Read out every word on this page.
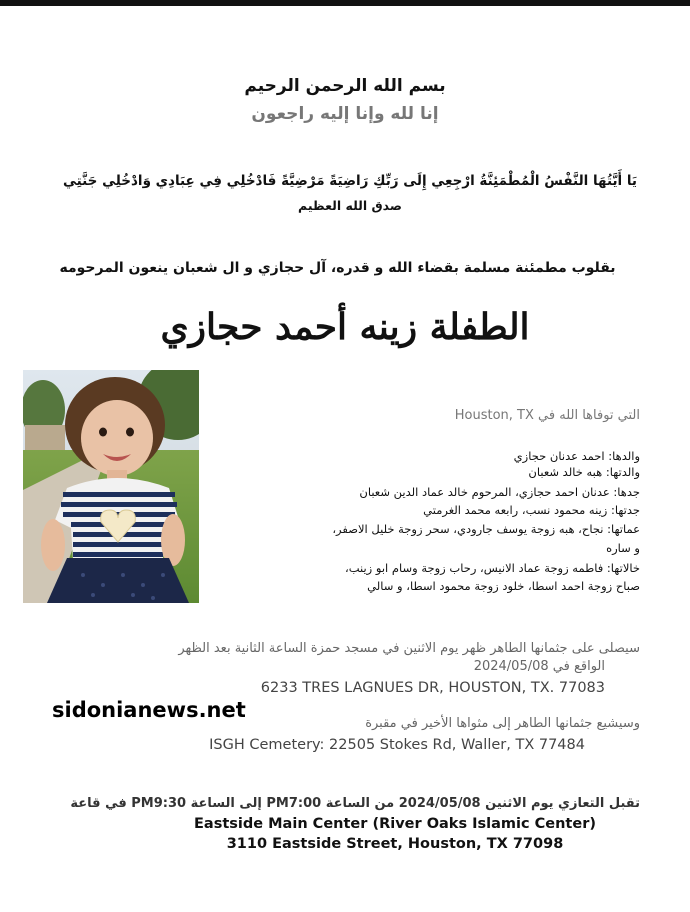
بسم الله الرحمن الرحيم
إنا لله وإنا إليه راجعون
يَا أَيَّتُهَا النَّفْسُ الْمُطْمَئِنَّةُ ارْجِعِي إِلَى رَبِّكِ رَاضِيَةً مَرْضِيَّةً فَادْخُلِي فِي عِبَادِي وَادْخُلِي جَنَّتِي
صدق الله العظيم
بقلوب مطمئنة مسلمة بقضاء الله و قدره، آل حجازي و ال شعبان ينعون المرحومه
الطفلة زينه أحمد حجازي
التي توفاها الله في Houston, TX
والدها: احمد عدنان حجازي
والدتها: هبه خالد شعبان
جدها: عدنان احمد حجازي، المرحوم خالد عماد الدين شعبان
جدتها: زينه محمود نسب، رابعه محمد الغرمتي
عماتها: نجاح، هبه زوجة يوسف جارودي، سحر زوجة خليل الاصفر،
و ساره
خالاتها: فاطمه زوجة عماد الانيس، رحاب زوجة وسام ابو زينب،
صباح زوجة احمد اسطا، خلود زوجة محمود اسطا، و سالي
سيصلى على جثمانها الطاهر ظهر يوم الاثنين في مسجد حمزة الساعة الثانية بعد الظهر
الواقع في 2024/05/08
6233 TRES LAGNUES DR, HOUSTON, TX. 77083
sidonianews.net
وسيشيع جثمانها الطاهر إلى مثواها الأخير في مقبرة
ISGH Cemetery: 22505 Stokes Rd, Waller, TX 77484
تقبل التعازي يوم الاثنين 2024/05/08 من الساعة PM7:00 إلى الساعة PM9:30 في قاعة
Eastside Main Center (River Oaks Islamic Center)
3110 Eastside Street, Houston, TX 77098
